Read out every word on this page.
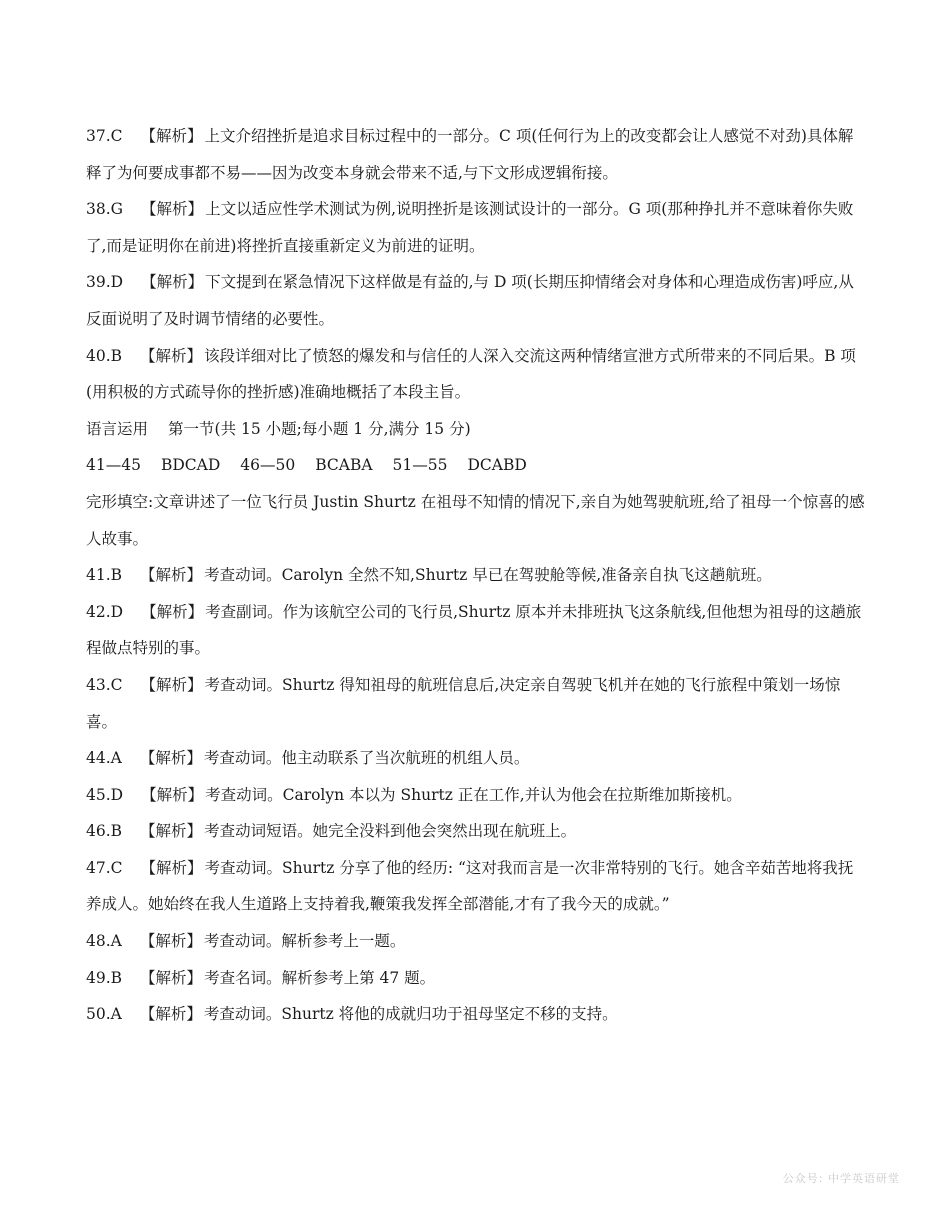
37.C 【解析】 上文介绍挫折是追求目标过程中的一部分。C 项(任何行为上的改变都会让人感觉不对劲)具体解释了为何要成事都不易——因为改变本身就会带来不适,与下文形成逻辑衔接。

38.G 【解析】 上文以适应性学术测试为例,说明挫折是该测试设计的一部分。G 项(那种挣扎并不意味着你失败了,而是证明你在前进)将挫折直接重新定义为前进的证明。

39.D 【解析】 下文提到在紧急情况下这样做是有益的,与 D 项(长期压抑情绪会对身体和心理造成伤害)呼应,从反面说明了及时调节情绪的必要性。

40.B 【解析】 该段详细对比了愤怒的爆发和与信任的人深入交流这两种情绪宣泄方式所带来的不同后果。B 项(用积极的方式疏导你的挫折感)准确地概括了本段主旨。

语言运用 第一节(共 15 小题;每小题 1 分,满分 15 分)

41—45 BDCAD 46—50 BCABA 51—55 DCABD

完形填空:文章讲述了一位飞行员 Justin Shurtz 在祖母不知情的情况下,亲自为她驾驶航班,给了祖母一个惊喜的感人故事。

41.B 【解析】 考查动词。Carolyn 全然不知,Shurtz 早已在驾驶舱等候,准备亲自执飞这趟航班。

42.D 【解析】 考查副词。作为该航空公司的飞行员,Shurtz 原本并未排班执飞这条航线,但他想为祖母的这趟旅程做点特别的事。

43.C 【解析】 考查动词。Shurtz 得知祖母的航班信息后,决定亲自驾驶飞机并在她的飞行旅程中策划一场惊喜。

44.A 【解析】 考查动词。他主动联系了当次航班的机组人员。

45.D 【解析】 考查动词。Carolyn 本以为 Shurtz 正在工作,并认为他会在拉斯维加斯接机。

46.B 【解析】 考查动词短语。她完全没料到他会突然出现在航班上。

47.C 【解析】 考查动词。Shurtz 分享了他的经历: “这对我而言是一次非常特别的飞行。她含辛茹苦地将我抚养成人。她始终在我人生道路上支持着我,鞭策我发挥全部潜能,才有了我今天的成就。”

48.A 【解析】 考查动词。解析参考上一题。

49.B 【解析】 考查名词。解析参考上第 47 题。

50.A 【解析】 考查动词。Shurtz 将他的成就归功于祖母坚定不移的支持。

公众号: 中学英语研堂
